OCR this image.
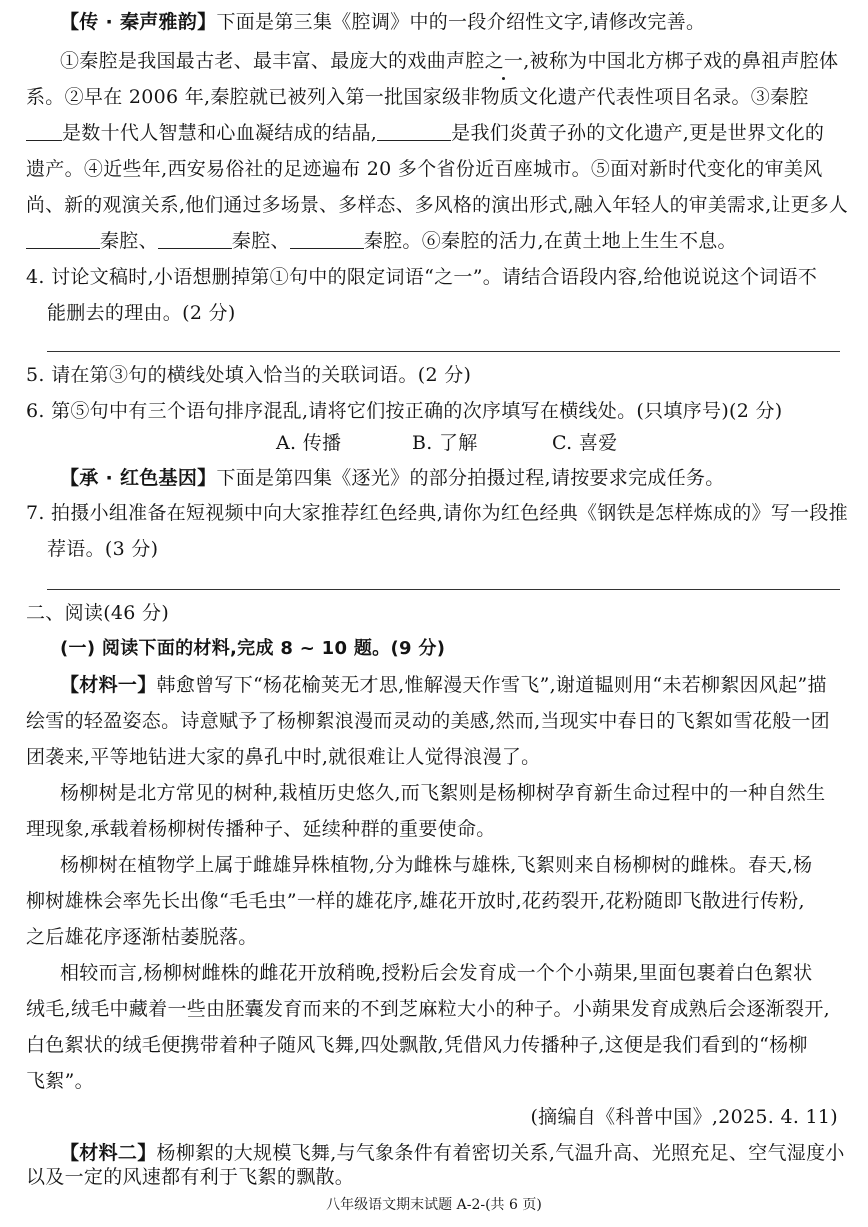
【传 · 秦声雅韵】下面是第三集《腔调》中的一段介绍性文字,请修改完善。
①秦腔是我国最古老、最丰富、最庞大的戏曲声腔之一,被称为中国北方梆子戏的鼻祖声腔体
系。②早在 2006 年,秦腔就已被列入第一批国家级非物质文化遗产代表性项目名录。③秦腔
是数十代人智慧和心血凝结成的结晶,	是我们炎黄子孙的文化遗产,更是世界文化的
遗产。④近些年,西安易俗社的足迹遍布 20 多个省份近百座城市。⑤面对新时代变化的审美风
尚、新的观演关系,他们通过多场景、多样态、多风格的演出形式,融入年轻人的审美需求,让更多人
秦腔、	秦腔、	秦腔。⑥秦腔的活力,在黄土地上生生不息。
4. 讨论文稿时,小语想删掉第①句中的限定词语“之一”。请结合语段内容,给他说说这个词语不
能删去的理由。(2 分)
5. 请在第③句的横线处填入恰当的关联词语。(2 分)
6. 第⑤句中有三个语句排序混乱,请将它们按正确的次序填写在横线处。(只填序号)(2 分)
A. 传播	B. 了解	C. 喜爱
【承 · 红色基因】下面是第四集《逐光》的部分拍摄过程,请按要求完成任务。
7. 拍摄小组准备在短视频中向大家推荐红色经典,请你为红色经典《钢铁是怎样炼成的》写一段推
荐语。(3 分)
二、阅读(46 分)
(一) 阅读下面的材料,完成 8 ~ 10 题。(9 分)
【材料一】韩愈曾写下“杨花榆荚无才思,惟解漫天作雪飞”,谢道韫则用“未若柳絮因风起”描
绘雪的轻盈姿态。诗意赋予了杨柳絮浪漫而灵动的美感,然而,当现实中春日的飞絮如雪花般一团
团袭来,平等地钻进大家的鼻孔中时,就很难让人觉得浪漫了。
杨柳树是北方常见的树种,栽植历史悠久,而飞絮则是杨柳树孕育新生命过程中的一种自然生
理现象,承载着杨柳树传播种子、延续种群的重要使命。
杨柳树在植物学上属于雌雄异株植物,分为雌株与雄株,飞絮则来自杨柳树的雌株。春天,杨
柳树雄株会率先长出像“毛毛虫”一样的雄花序,雄花开放时,花药裂开,花粉随即飞散进行传粉,
之后雄花序逐渐枯萎脱落。
相较而言,杨柳树雌株的雌花开放稍晚,授粉后会发育成一个个小蒴果,里面包裹着白色絮状
绒毛,绒毛中藏着一些由胚囊发育而来的不到芝麻粒大小的种子。小蒴果发育成熟后会逐渐裂开,
白色絮状的绒毛便携带着种子随风飞舞,四处飘散,凭借风力传播种子,这便是我们看到的“杨柳
飞絮”。
(摘编自《科普中国》,2025. 4. 11)
【材料二】杨柳絮的大规模飞舞,与气象条件有着密切关系,气温升高、光照充足、空气湿度小
以及一定的风速都有利于飞絮的飘散。
八年级语文期末试题 A-2-(共 6 页)
